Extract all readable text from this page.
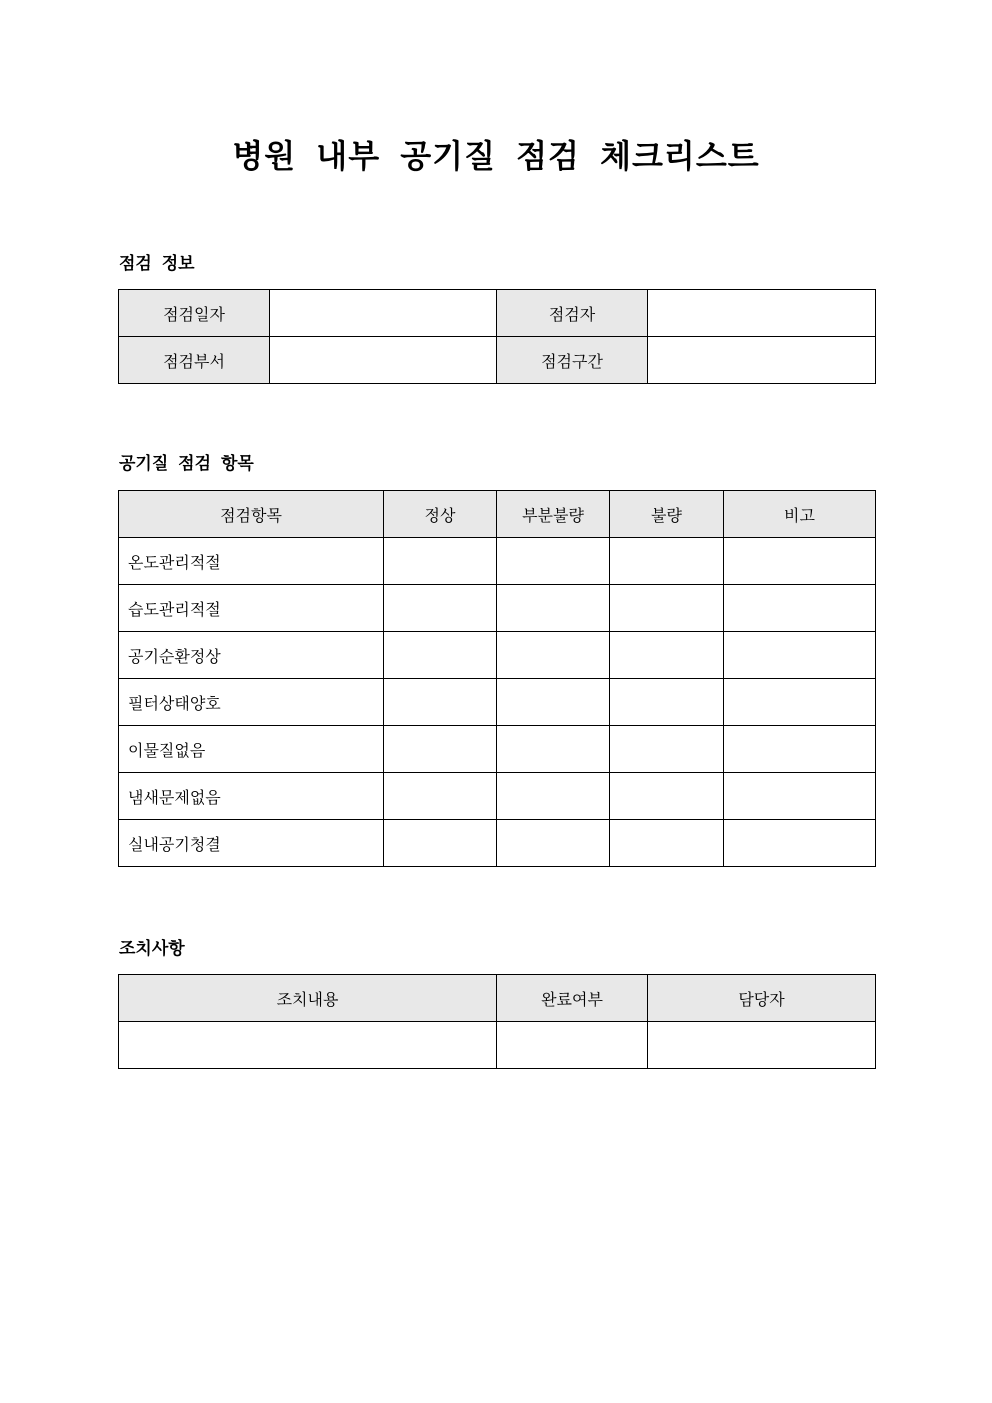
병원 내부 공기질 점검 체크리스트
점검 정보
점검일자		점검자	
점검부서		점검구간	
공기질 점검 항목
점검항목	정상	부분불량	불량	비고
온도관리적절				
습도관리적절				
공기순환정상				
필터상태양호				
이물질없음				
냄새문제없음				
실내공기청결				
조치사항
조치내용	완료여부	담당자
